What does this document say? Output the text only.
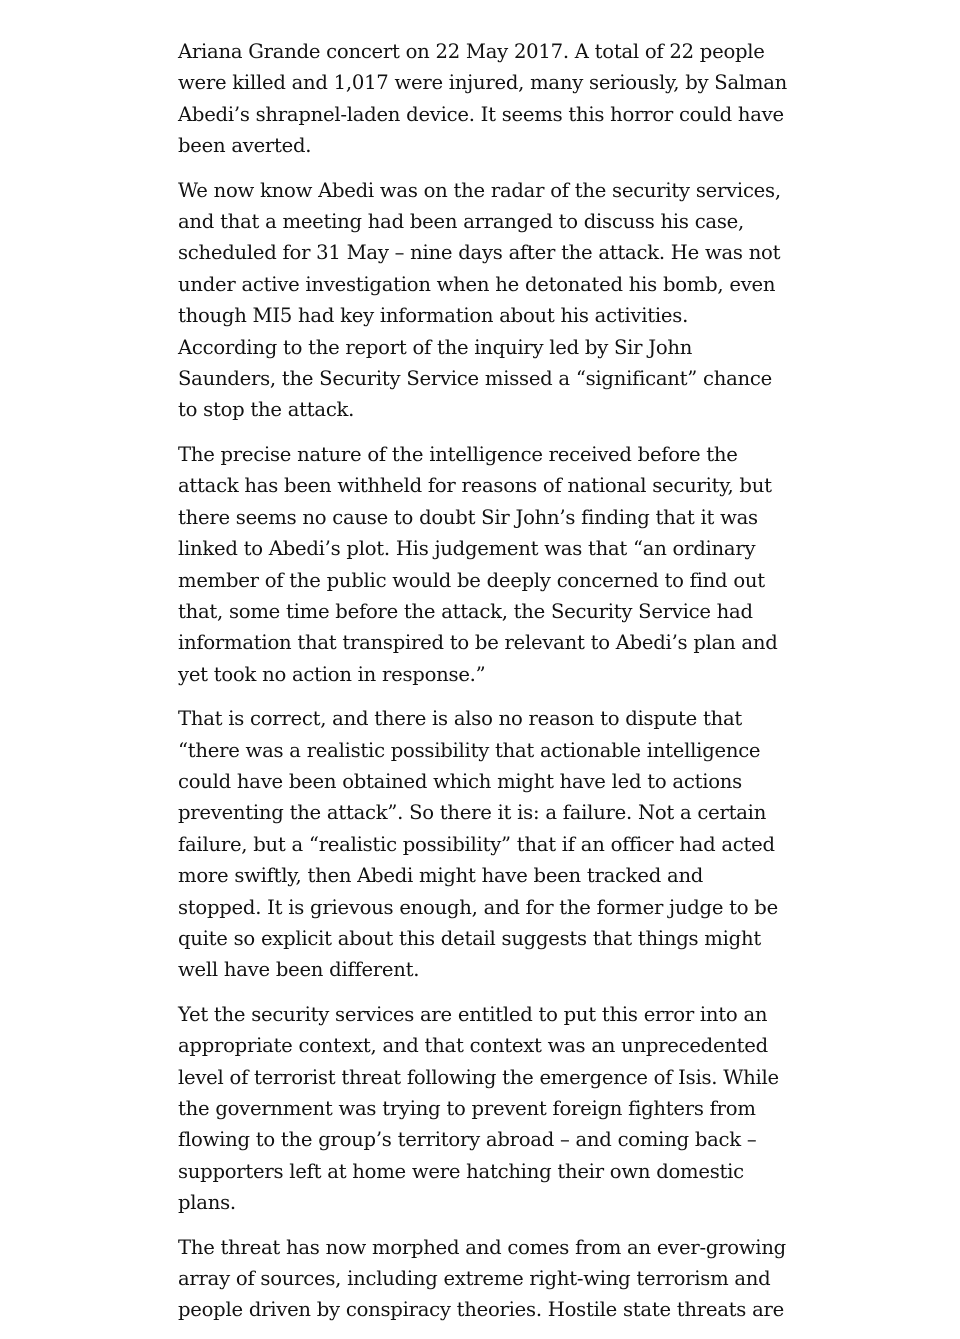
Ariana Grande concert on 22 May 2017. A total of 22 people were killed and 1,017 were injured, many seriously, by Salman Abedi’s shrapnel-laden device. It seems this horror could have been averted.

We now know Abedi was on the radar of the security services, and that a meeting had been arranged to discuss his case, scheduled for 31 May – nine days after the attack. He was not under active investigation when he detonated his bomb, even though MI5 had key information about his activities. According to the report of the inquiry led by Sir John Saunders, the Security Service missed a “significant” chance to stop the attack.

The precise nature of the intelligence received before the attack has been withheld for reasons of national security, but there seems no cause to doubt Sir John’s finding that it was linked to Abedi’s plot. His judgement was that “an ordinary member of the public would be deeply concerned to find out that, some time before the attack, the Security Service had information that transpired to be relevant to Abedi’s plan and yet took no action in response.”

That is correct, and there is also no reason to dispute that “there was a realistic possibility that actionable intelligence could have been obtained which might have led to actions preventing the attack”. So there it is: a failure. Not a certain failure, but a “realistic possibility” that if an officer had acted more swiftly, then Abedi might have been tracked and stopped. It is grievous enough, and for the former judge to be quite so explicit about this detail suggests that things might well have been different.

Yet the security services are entitled to put this error into an appropriate context, and that context was an unprecedented level of terrorist threat following the emergence of Isis. While the government was trying to prevent foreign fighters from flowing to the group’s territory abroad – and coming back – supporters left at home were hatching their own domestic plans.

The threat has now morphed and comes from an ever-growing array of sources, including extreme right-wing terrorism and people driven by conspiracy theories. Hostile state threats are
